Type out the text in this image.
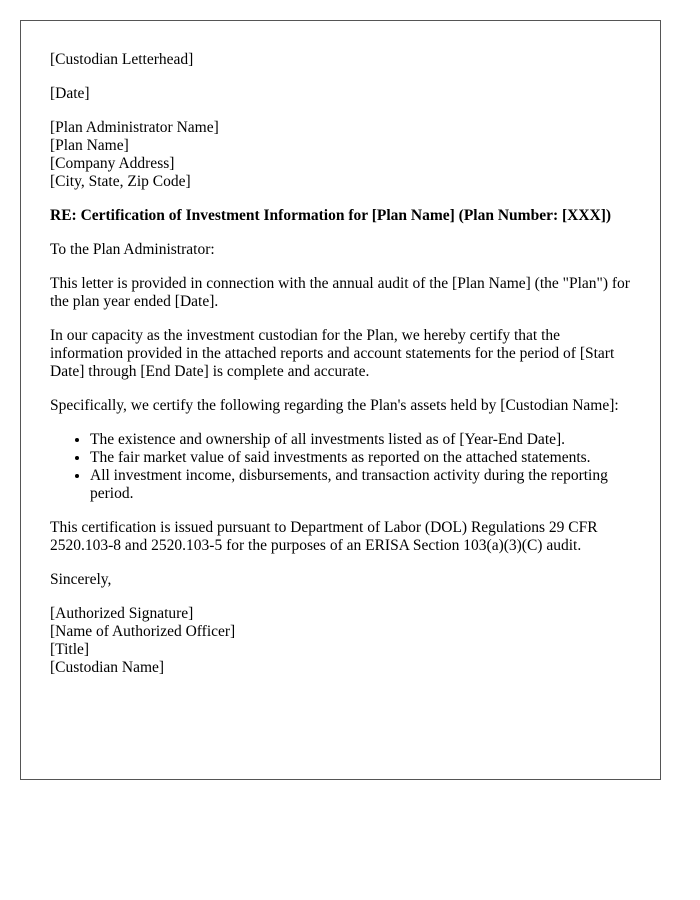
[Custodian Letterhead]

[Date]

[Plan Administrator Name]
[Plan Name]
[Company Address]
[City, State, Zip Code]

RE: Certification of Investment Information for [Plan Name] (Plan Number: [XXX])

To the Plan Administrator:

This letter is provided in connection with the annual audit of the [Plan Name] (the "Plan") for the plan year ended [Date].

In our capacity as the investment custodian for the Plan, we hereby certify that the information provided in the attached reports and account statements for the period of [Start Date] through [End Date] is complete and accurate.

Specifically, we certify the following regarding the Plan's assets held by [Custodian Name]:

• The existence and ownership of all investments listed as of [Year-End Date].
• The fair market value of said investments as reported on the attached statements.
• All investment income, disbursements, and transaction activity during the reporting period.

This certification is issued pursuant to Department of Labor (DOL) Regulations 29 CFR 2520.103-8 and 2520.103-5 for the purposes of an ERISA Section 103(a)(3)(C) audit.

Sincerely,

[Authorized Signature]
[Name of Authorized Officer]
[Title]
[Custodian Name]
